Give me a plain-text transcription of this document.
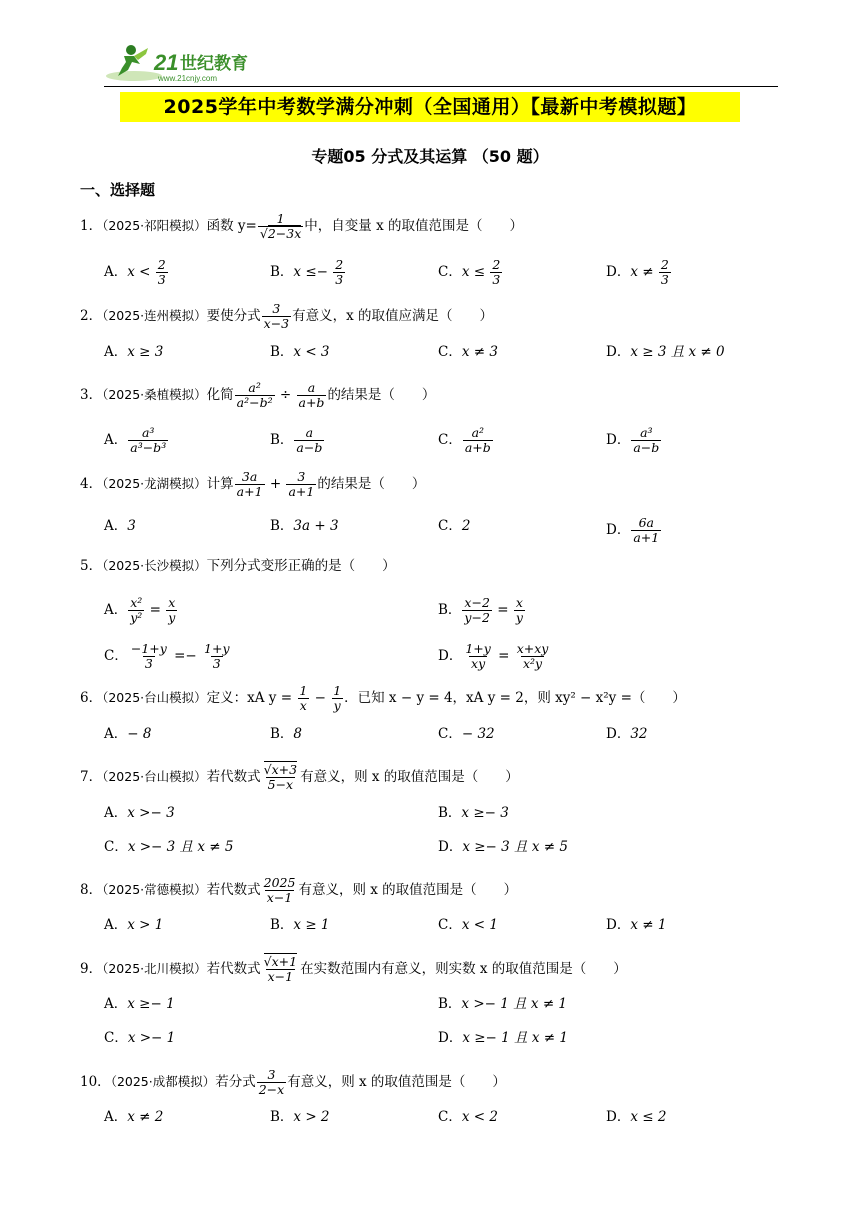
21 世纪教育
www.21cnjy.com
2025学年中考数学满分冲刺（全国通用）【最新中考模拟题】
专题05 分式及其运算 （50 题）
一、选择题
1．（2025·祁阳模拟）函数 $y= \frac{1}{√2-3x}$ 中，自变量 x 的取值范围是（　　）
A．$x < \frac{2}{3}$	B．$x \le- \frac{2}{3}$	C．$x \le \frac{2}{3}$	D．$x \ne \frac{2}{3}$
2．（2025·连州模拟）要使分式 $\frac{3}{x-3}$ 有意义，x 的取值应满足（　　）
A．x ≥ 3	B．x < 3	C．x ≠ 3	D．x ≥ 3 且 x ≠ 0
3．（2025·桑植模拟）化简 $\frac{\text{a²}}{\text{a²−b²}} \div \frac{a}{a+b}$ 的结果是（　　）
A． $\frac{\text{a³}}{\text{a³−b³}}$	B． $\frac{a}{a-b}$	C． $\frac{\text{a²}}{a+b}$	D． $\frac{\text{a³}}{a-b}$
4．（2025·龙湖模拟）计算 $\frac{3a}{a+1} + \frac{3}{a+1}$ 的结果是（　　）
A．3	B．3a + 3	C．2	D． $\frac{6a}{a+1}$
5．（2025·长沙模拟）下列分式变形正确的是（　　）
A． $\frac{\text{x²}}{\text{y²}} = \frac{x}{y}$	B． $\frac{x-2}{y-2} = \frac{x}{y}$
C． $\frac{-1+y}{3} =- \frac{1+y}{3}$	D． $\frac{1+y}{xy} = \frac{x+xy}{\text{x²y}}$
6．（2025·台山模拟）定义：xA $y = \frac{1}{x} - \frac{1}{y}$ ．已知 x − y = 4，xA y = 2，则 xy² − x²y =（　　）
A．− 8	B．8	C．− 32	D．32
7．（2025·台山模拟）若代数式 $\frac{√x+3}{5-x}$ 有意义，则 x 的取值范围是（　　）
A．x >− 3	B．x ≥− 3
C．x >− 3 且 x ≠ 5	D．x ≥− 3 且 x ≠ 5
8．（2025·常德模拟）若代数式 $\frac{2025}{x-1}$ 有意义，则 x 的取值范围是（　　）
A．x > 1	B．x ≥ 1	C．x < 1	D．x ≠ 1
9．（2025·北川模拟）若代数式 $\frac{√x+1}{x-1}$ 在实数范围内有意义，则实数 x 的取值范围是（　　）
A．x ≥− 1	B．x >− 1 且 x ≠ 1
C．x >− 1	D．x ≥− 1 且 x ≠ 1
10．（2025·成都模拟）若分式 $\frac{3}{2-x}$ 有意义，则 x 的取值范围是（　　）
A．x ≠ 2	B．x > 2	C．x < 2	D．x ≤ 2
